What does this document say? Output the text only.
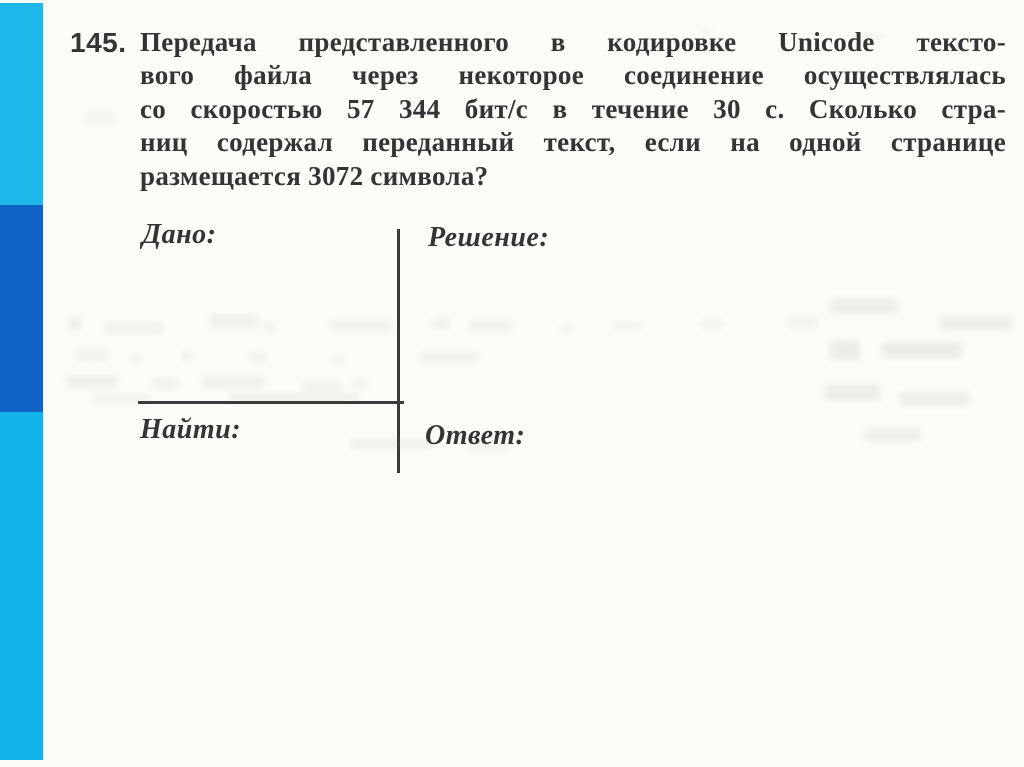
145. Передача представленного в кодировке Unicode тексто-
вого файла через некоторое соединение осуществлялась
со скоростью 57 344 бит/с в течение 30 с. Сколько стра-
ниц содержал переданный текст, если на одной странице
размещается 3072 символа?
Дано:	Решение:
Найти:	Ответ:
